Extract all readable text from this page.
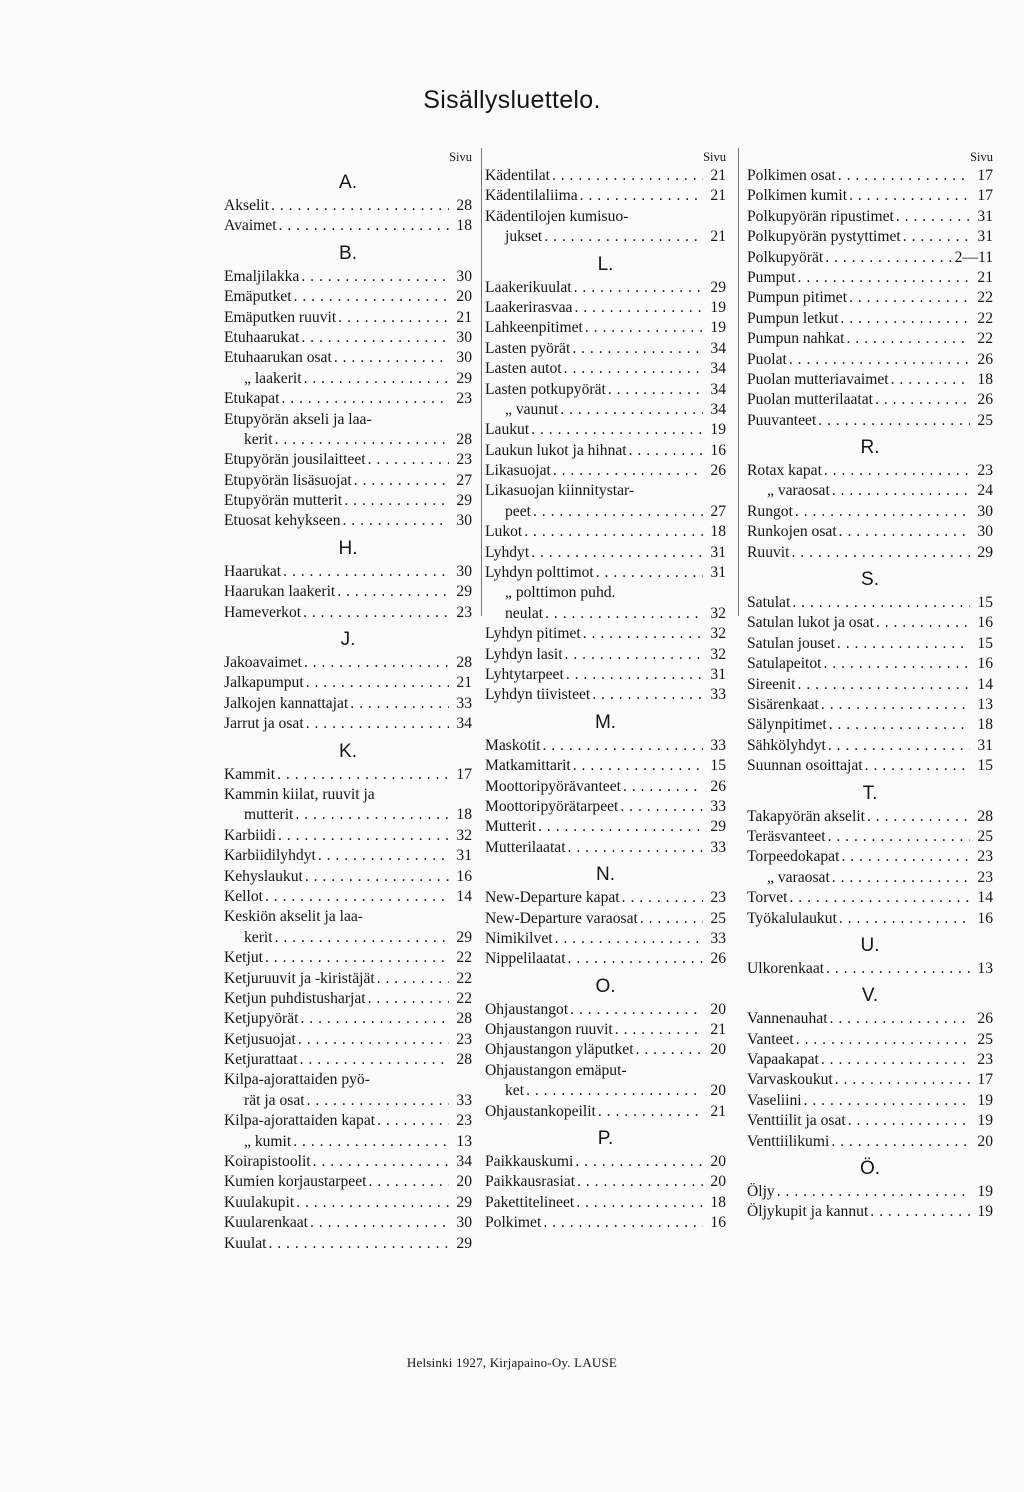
Sisällysluettelo.
Sivu
A.
Akselit . . .	28
Avaimet . . .	18
B.
Emaljilakka . . .	30
Emäputket . . .	20
Emäputken ruuvit . . .	21
Etuhaarukat . . .	30
Etuhaarukan osat . . .	30
„ laakerit . . .	29
Etukapat . . .	23
Etupyörän akseli ja laa-
kerit . . .	28
Etupyörän jousilaitteet . . .	23
Etupyörän lisäsuojat . . .	27
Etupyörän mutterit . . .	29
Etuosat kehykseen . . .	30
H.
Haarukat . . .	30
Haarukan laakerit . . .	29
Hameverkot . . .	23
J.
Jakoavaimet . . .	28
Jalkapumput . . .	21
Jalkojen kannattajat . . .	33
Jarrut ja osat . . .	34
K.
Kammit . . .	17
Kammin kiilat, ruuvit ja
mutterit . . .	18
Karbiidi . . .	32
Karbiidilyhdyt . . .	31
Kehyslaukut . . .	16
Kellot . . .	14
Keskiön akselit ja laa-
kerit . . .	29
Ketjut . . .	22
Ketjuruuvit ja -kiristäjät . . .	22
Ketjun puhdistusharjat . . .	22
Ketjupyörät . . .	28
Ketjusuojat . . .	23
Ketjurattaat . . .	28
Kilpa-ajorattaiden pyö-
rät ja osat . . .	33
Kilpa-ajorattaiden kapat . . .	23
„ kumit . . .	13
Koirapistoolit . . .	34
Kumien korjaustarpeet . . .	20
Kuulakupit . . .	29
Kuularenkaat . . .	30
Kuulat . . .	29
Sivu
Kädentilat . . .	21
Kädentilaliima . . .	21
Kädentilojen kumisuo-
jukset . . .	21
L.
Laakerikuulat . . .	29
Laakerirasvaa . . .	19
Lahkeenpitimet . . .	19
Lasten pyörät . . .	34
Lasten autot . . .	34
Lasten potkupyörät . . .	34
„ vaunut . . .	34
Laukut . . .	19
Laukun lukot ja hihnat . . .	16
Likasuojat . . .	26
Likasuojan kiinnitystar-
peet . . .	27
Lukot . . .	18
Lyhdyt . . .	31
Lyhdyn polttimot . . .	31
„ polttimon puhd.
neulat . . .	32
Lyhdyn pitimet . . .	32
Lyhdyn lasit . . .	32
Lyhtytarpeet . . .	31
Lyhdyn tiivisteet . . .	33
M.
Maskotit . . .	33
Matkamittarit . . .	15
Moottoripyörävanteet . . .	26
Moottoripyörätarpeet . . .	33
Mutterit . . .	29
Mutterilaatat . . .	33
N.
New-Departure kapat . . .	23
New-Departure varaosat . . .	25
Nimikilvet . . .	33
Nippelilaatat . . .	26
O.
Ohjaustangot . . .	20
Ohjaustangon ruuvit . . .	21
Ohjaustangon yläputket . . .	20
Ohjaustangon emäput-
ket . . .	20
Ohjaustankopeilit . . .	21
P.
Paikkauskumi . . .	20
Paikkausrasiat . . .	20
Pakettitelineet . . .	18
Polkimet . . .	16
Sivu
Polkimen osat . . .	17
Polkimen kumit . . .	17
Polkupyörän ripustimet . . .	31
Polkupyörän pystyttimet . . .	31
Polkupyörät . . .	2—11
Pumput . . .	21
Pumpun pitimet . . .	22
Pumpun letkut . . .	22
Pumpun nahkat . . .	22
Puolat . . .	26
Puolan mutteriavaimet . . .	18
Puolan mutterilaatat . . .	26
Puuvanteet . . .	25
R.
Rotax kapat . . .	23
„ varaosat . . .	24
Rungot . . .	30
Runkojen osat . . .	30
Ruuvit . . .	29
S.
Satulat . . .	15
Satulan lukot ja osat . . .	16
Satulan jouset . . .	15
Satulapeitot . . .	16
Sireenit . . .	14
Sisärenkaat . . .	13
Sälynpitimet . . .	18
Sähkölyhdyt . . .	31
Suunnan osoittajat . . .	15
T.
Takapyörän akselit . . .	28
Teräsvanteet . . .	25
Torpeedokapat . . .	23
„ varaosat . . .	23
Torvet . . .	14
Työkalulaukut . . .	16
U.
Ulkorenkaat . . .	13
V.
Vannenauhat . . .	26
Vanteet . . .	25
Vapaakapat . . .	23
Varvaskoukut . . .	17
Vaseliini . . .	19
Venttiilit ja osat . . .	19
Venttiilikumi . . .	20
Ö.
Öljy . . .	19
Öljykupit ja kannut . . .	19
Helsinki 1927, Kirjapaino-Oy. LAUSE
